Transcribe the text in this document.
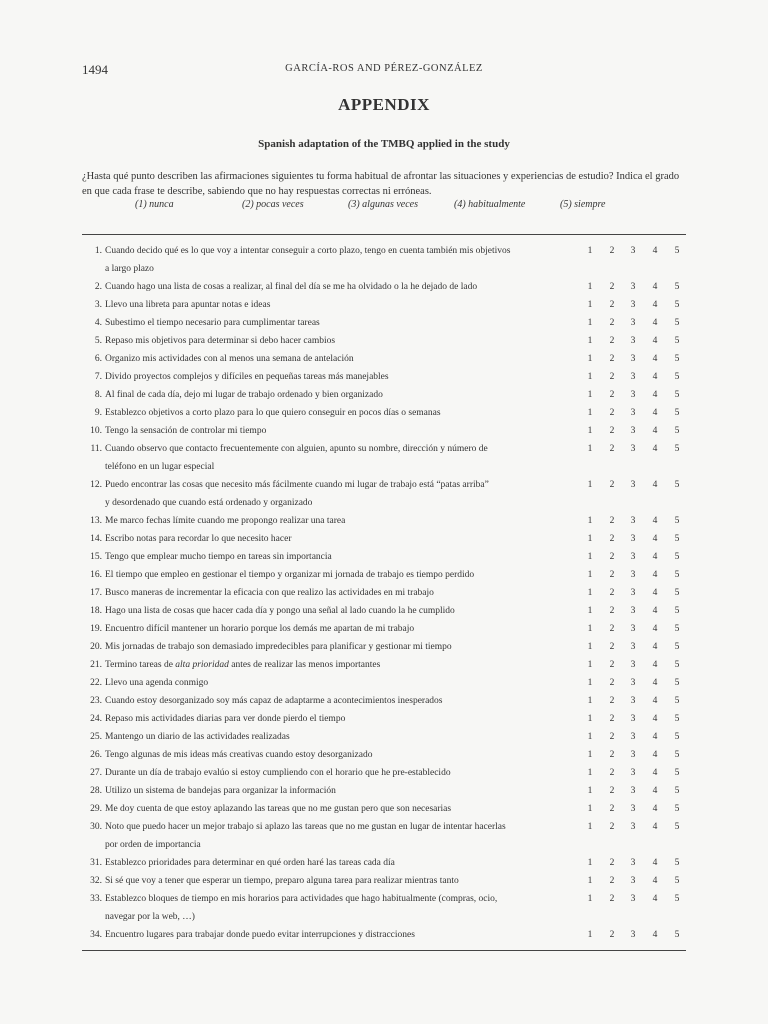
1494	GARCÍA-ROS AND PÉREZ-GONZÁLEZ
APPENDIX
Spanish adaptation of the TMBQ applied in the study
¿Hasta qué punto describen las afirmaciones siguientes tu forma habitual de afrontar las situaciones y experiencias de estudio? Indica el grado en que cada frase te describe, sabiendo que no hay respuestas correctas ni erróneas.
(1) nunca	(2) pocas veces	(3) algunas veces	(4) habitualmente	(5) siempre
1. Cuando decido qué es lo que voy a intentar conseguir a corto plazo, tengo en cuenta también mis objetivos
a largo plazo
1 2 3 4 5
2. Cuando hago una lista de cosas a realizar, al final del día se me ha olvidado o la he dejado de lado	1 2 3 4 5
3. Llevo una libreta para apuntar notas e ideas	1 2 3 4 5
4. Subestimo el tiempo necesario para cumplimentar tareas	1 2 3 4 5
5. Repaso mis objetivos para determinar si debo hacer cambios	1 2 3 4 5
6. Organizo mis actividades con al menos una semana de antelación	1 2 3 4 5
7. Divido proyectos complejos y difíciles en pequeñas tareas más manejables	1 2 3 4 5
8. Al final de cada día, dejo mi lugar de trabajo ordenado y bien organizado	1 2 3 4 5
9. Establezco objetivos a corto plazo para lo que quiero conseguir en pocos días o semanas	1 2 3 4 5
10. Tengo la sensación de controlar mi tiempo	1 2 3 4 5
11. Cuando observo que contacto frecuentemente con alguien, apunto su nombre, dirección y número de
teléfono en un lugar especial
1 2 3 4 5
12. Puedo encontrar las cosas que necesito más fácilmente cuando mi lugar de trabajo está “patas arriba”
y desordenado que cuando está ordenado y organizado
1 2 3 4 5
13. Me marco fechas límite cuando me propongo realizar una tarea	1 2 3 4 5
14. Escribo notas para recordar lo que necesito hacer	1 2 3 4 5
15. Tengo que emplear mucho tiempo en tareas sin importancia	1 2 3 4 5
16. El tiempo que empleo en gestionar el tiempo y organizar mi jornada de trabajo es tiempo perdido	1 2 3 4 5
17. Busco maneras de incrementar la eficacia con que realizo las actividades en mi trabajo	1 2 3 4 5
18. Hago una lista de cosas que hacer cada día y pongo una señal al lado cuando la he cumplido	1 2 3 4 5
19. Encuentro difícil mantener un horario porque los demás me apartan de mi trabajo	1 2 3 4 5
20. Mis jornadas de trabajo son demasiado impredecibles para planificar y gestionar mi tiempo	1 2 3 4 5
21. Termino tareas de alta prioridad antes de realizar las menos importantes	1 2 3 4 5
22. Llevo una agenda conmigo	1 2 3 4 5
23. Cuando estoy desorganizado soy más capaz de adaptarme a acontecimientos inesperados	1 2 3 4 5
24. Repaso mis actividades diarias para ver donde pierdo el tiempo	1 2 3 4 5
25. Mantengo un diario de las actividades realizadas	1 2 3 4 5
26. Tengo algunas de mis ideas más creativas cuando estoy desorganizado	1 2 3 4 5
27. Durante un día de trabajo evalúo si estoy cumpliendo con el horario que he pre-establecido	1 2 3 4 5
28. Utilizo un sistema de bandejas para organizar la información	1 2 3 4 5
29. Me doy cuenta de que estoy aplazando las tareas que no me gustan pero que son necesarias	1 2 3 4 5
30. Noto que puedo hacer un mejor trabajo si aplazo las tareas que no me gustan en lugar de intentar hacerlas
por orden de importancia
1 2 3 4 5
31. Establezco prioridades para determinar en qué orden haré las tareas cada día	1 2 3 4 5
32. Si sé que voy a tener que esperar un tiempo, preparo alguna tarea para realizar mientras tanto	1 2 3 4 5
33. Establezco bloques de tiempo en mis horarios para actividades que hago habitualmente (compras, ocio,
navegar por la web, …)
1 2 3 4 5
34. Encuentro lugares para trabajar donde puedo evitar interrupciones y distracciones	1 2 3 4 5
